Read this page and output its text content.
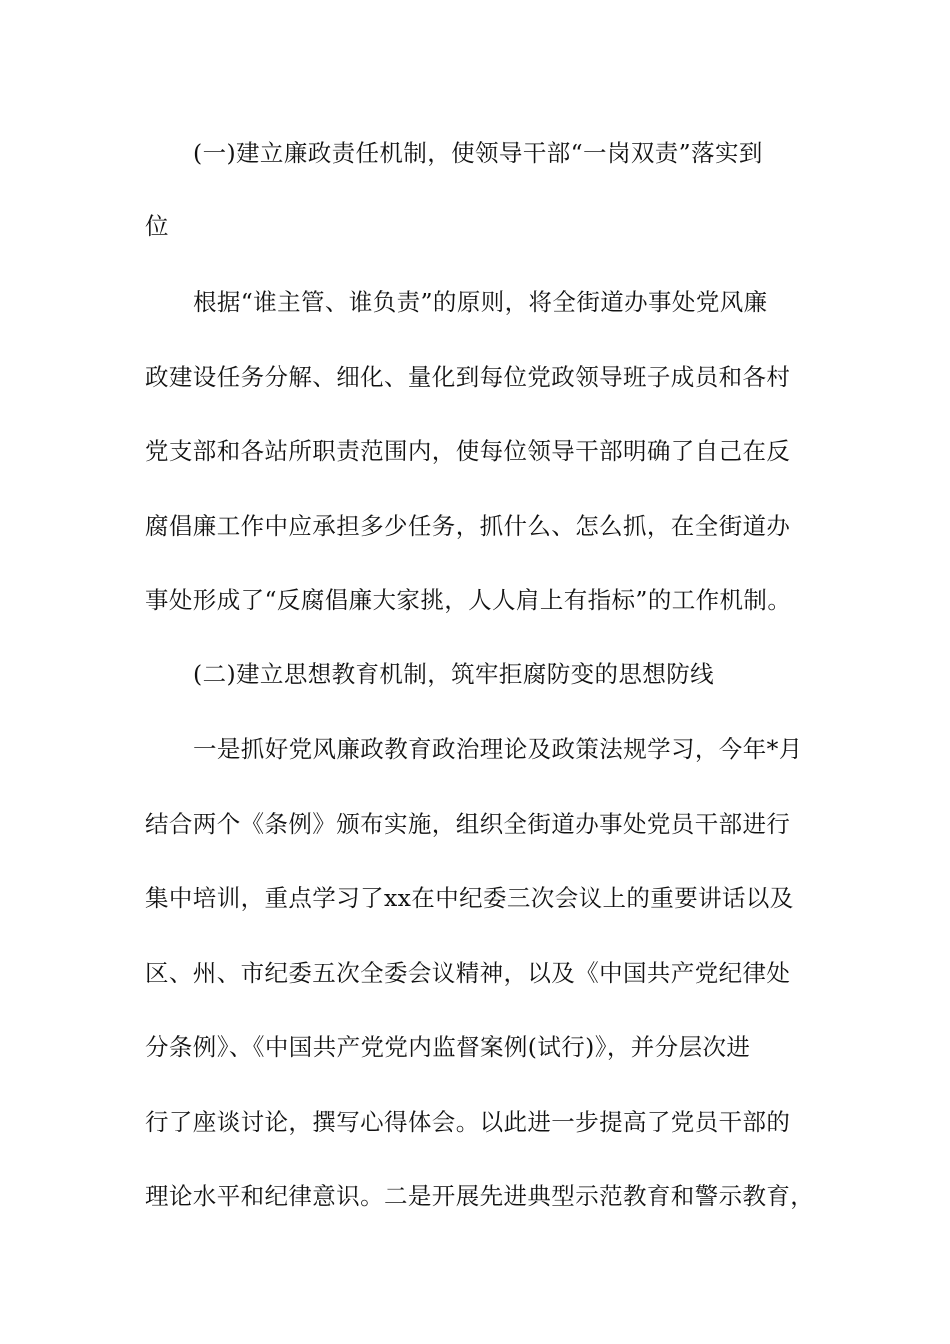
(一)建立廉政责任机制，使领导干部“一岗双责”落实到
位
根据“谁主管、谁负责”的原则，将全街道办事处党风廉
政建设任务分解、细化、量化到每位党政领导班子成员和各村
党支部和各站所职责范围内，使每位领导干部明确了自己在反
腐倡廉工作中应承担多少任务，抓什么、怎么抓，在全街道办
事处形成了“反腐倡廉大家挑，人人肩上有指标”的工作机制。
(二)建立思想教育机制，筑牢拒腐防变的思想防线
一是抓好党风廉政教育政治理论及政策法规学习，今年*月
结合两个《条例》颁布实施，组织全街道办事处党员干部进行
集中培训，重点学习了xx在中纪委三次会议上的重要讲话以及
区、州、市纪委五次全委会议精神，以及《中国共产党纪律处
分条例》、《中国共产党党内监督案例(试行)》，并分层次进
行了座谈讨论，撰写心得体会。以此进一步提高了党员干部的
理论水平和纪律意识。二是开展先进典型示范教育和警示教育，
